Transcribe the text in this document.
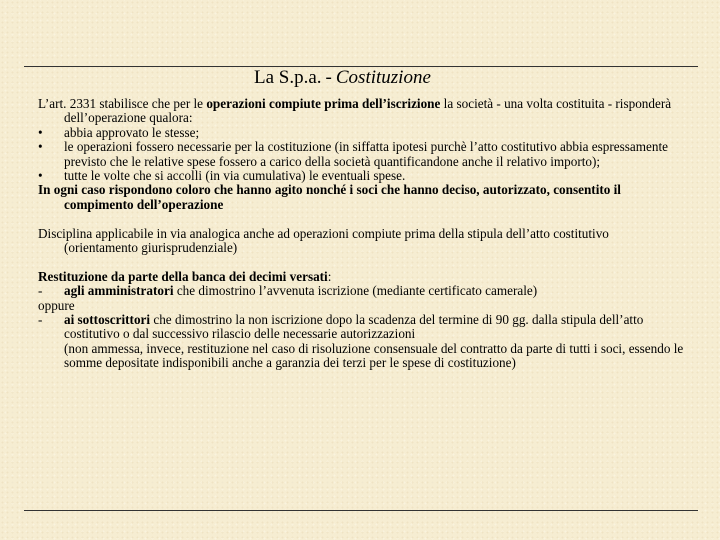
La S.p.a. - Costituzione

L’art. 2331 stabilisce che per le operazioni compiute prima dell’iscrizione la società - una volta costituita - risponderà dell’operazione qualora:

• abbia approvato le stesse;
• le operazioni fossero necessarie per la costituzione (in siffatta ipotesi purchè l’atto costitutivo abbia espressamente previsto che le relative spese fossero a carico della società quantificandone anche il relativo importo);
• tutte le volte che si accolli (in via cumulativa) le eventuali spese.

In ogni caso rispondono coloro che hanno agito nonché i soci che hanno deciso, autorizzato, consentito il compimento dell’operazione

Disciplina applicabile in via analogica anche ad operazioni compiute prima della stipula dell’atto costitutivo (orientamento giurisprudenziale)

Restituzione da parte della banca dei decimi versati:

- agli amministratori che dimostrino l’avvenuta iscrizione (mediante certificato camerale)

oppure

- ai sottoscrittori che dimostrino la non iscrizione dopo la scadenza del termine di 90 gg. dalla stipula dell’atto costitutivo o dal successivo rilascio delle necessarie autorizzazioni

(non ammessa, invece, restituzione nel caso di risoluzione consensuale del contratto da parte di tutti i soci, essendo le somme depositate indisponibili anche a garanzia dei terzi per le spese di costituzione)
